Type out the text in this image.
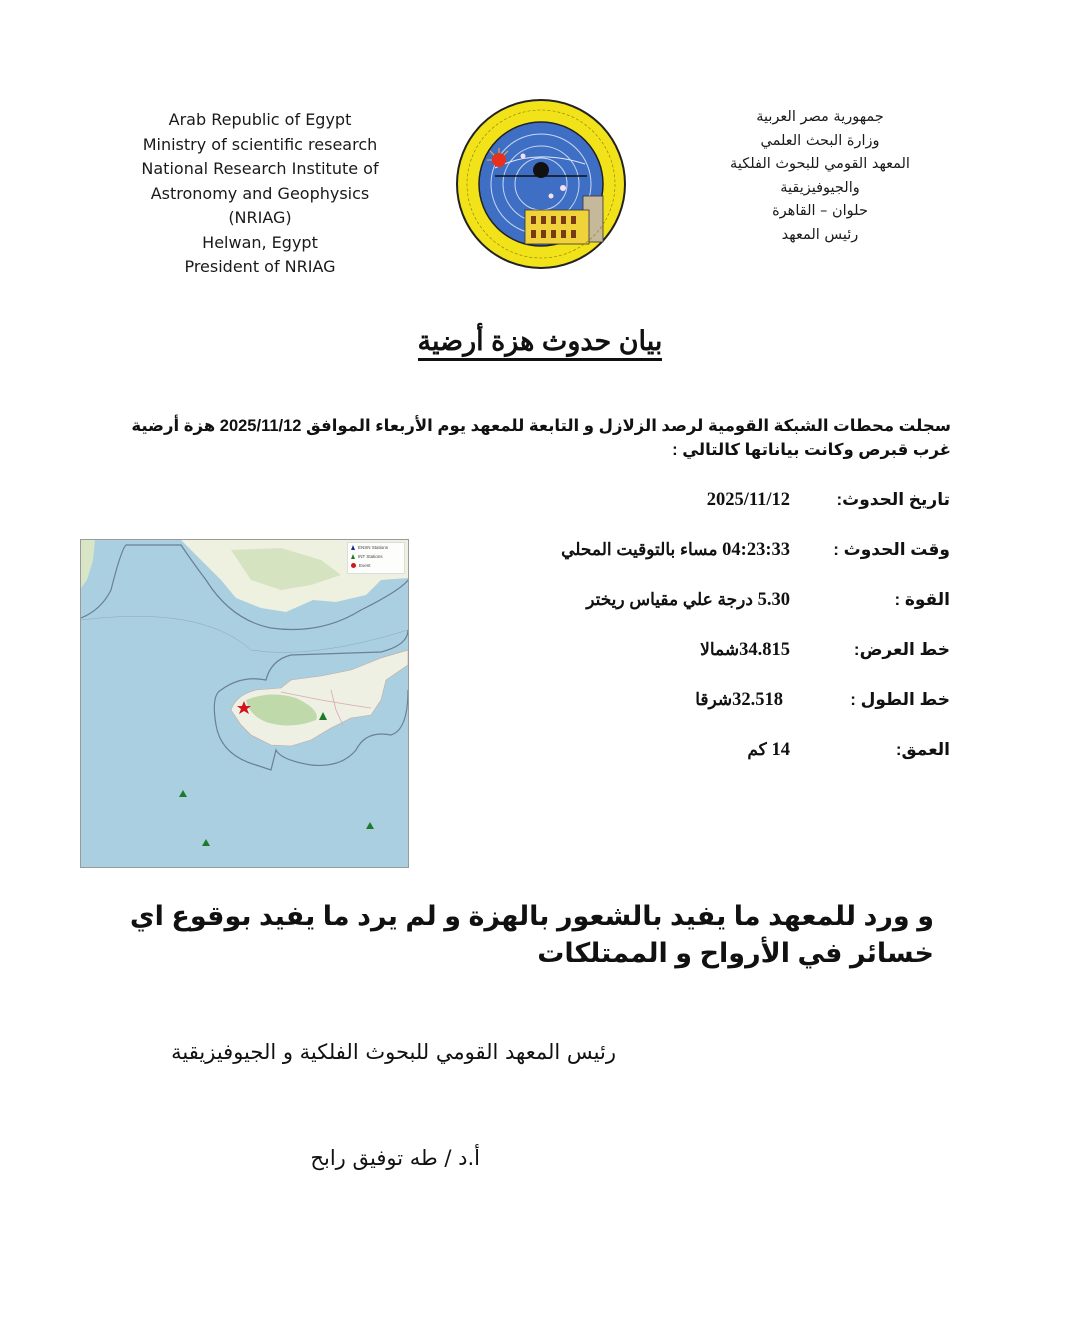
Arab Republic of Egypt
Ministry of scientific research
National Research Institute of
Astronomy and Geophysics
(NRIAG)
Helwan, Egypt
President of NRIAG
جمهورية مصر العربية
وزارة البحث العلمي
المعهد القومي للبحوث الفلكية
والجيوفيزيقية
حلوان – القاهرة
رئيس المعهد
بيان حدوث هزة أرضية
سجلت محطات الشبكة القومية لرصد الزلازل و التابعة للمعهد يوم الأربعاء الموافق 2025/11/12 هزة أرضية غرب قبرص وكانت بياناتها كالتالي :
تاريخ الحدوث:
2025/11/12
وقت الحدوث :
04:23:33 مساء بالتوقيت المحلي
القوة :
5.30 درجة علي مقياس ريختر
خط العرض:
34.815شمالا
خط الطول :
32.518شرقا
العمق:
14 كم
ENSN Stations
INT Stations
Event
و ورد للمعهد ما يفيد بالشعور بالهزة و لم يرد ما يفيد بوقوع اي خسائر في الأرواح و الممتلكات
رئيس المعهد القومي للبحوث الفلكية و الجيوفيزيقية
أ.د / طه توفيق رابح
